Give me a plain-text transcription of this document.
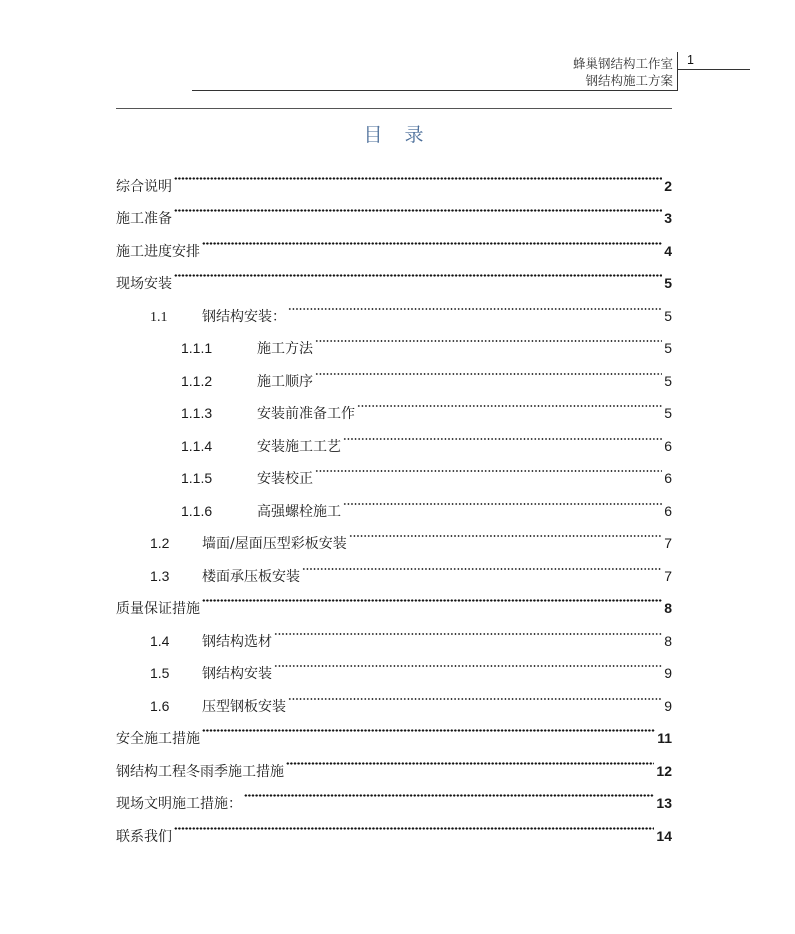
蜂巢钢结构工作室
钢结构施工方案
1
目 录
综合说明	2
施工准备	3
施工进度安排	4
现场安装	5
1.1	钢结构安装：	5
1.1.1	施工方法	5
1.1.2	施工顺序	5
1.1.3	安装前准备工作	5
1.1.4	安装施工工艺	6
1.1.5	安装校正	6
1.1.6	高强螺栓施工	6
1.2	墙面/屋面压型彩板安装	7
1.3	楼面承压板安装	7
质量保证措施	8
1.4	钢结构选材	8
1.5	钢结构安装	9
1.6	压型钢板安装	9
安全施工措施	11
钢结构工程冬雨季施工措施	12
现场文明施工措施：	13
联系我们	14
